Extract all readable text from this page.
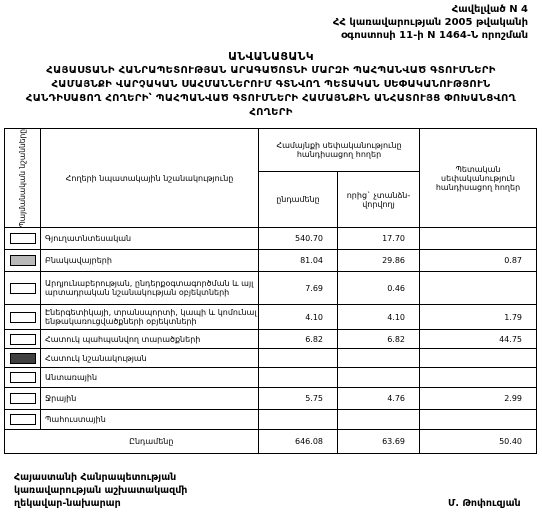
Հավելված N 4
ՀՀ կառավարության 2005 թվականի
օգոստոսի 11-ի N 1464-Ն որոշման
ԱՆՎԱՆԱՑԱՆԿ
ՀԱՅԱՍՏԱՆԻ ՀԱՆՐԱՊԵՏՈՒԹՅԱՆ ԱՐԱԳԱԾՈՏՆԻ ՄԱՐԶԻ ՊԱՀՊԱՆՎԱԾ ԳՏՈՒՄՆԵՐԻ
ՀԱՄԱՅՆՔԻ ՎԱՐՉԱԿԱՆ ՍԱՀՄԱՆՆԵՐՈՒՄ ԳՏՆՎՈՂ ՊԵՏԱԿԱՆ ՍԵՓԱԿԱՆՈՒԹՅՈՒՆ
ՀԱՆԴԻՍԱՑՈՂ ՀՈՂԵՐԻ՝ ՊԱՀՊԱՆՎԱԾ ԳՏՈՒՄՆԵՐԻ ՀԱՄԱՅՆՔԻՆ ԱՆՀԱՏՈՒՅՑ ՓՈԽԱՆՑՎՈՂ
ՀՈՂԵՐԻ
Պայմանական նշանները	Հողերի նպատակային նշանակությունը	Համայնքի սեփականությունը հանդիսացող հողեր		Պետական սեփականություն հանդիսացող հողեր
		ընդամենը	որից` չտանձն-վորվողյ	

	Գյուղատնտեսական	540.70	17.70	

	Բնակավայրերի	81.04	29.86	0.87

	Արդյունաբերության, ընդերքօգտագործման և այլ արտադրական նշանակության օբյեկտների	7.69	0.46	

	Էներգետիկայի, տրանսպորտի, կապի և կոմունալ ենթակառուցվածքների օբյեկտների	4.10	4.10	1.79

	Հատուկ պահպանվող տարածքների	6.82	6.82	44.75

	Հատուկ նշանակության			

	Անտառային			

	Ջրային	5.75	4.76	2.99

	Պահուստային			
	Ընդամենը	646.08	63.69	50.40
Հայաստանի Հանրապետության
կառավարության աշխատակազմի
ղեկավար-նախարար	Մ. Թոփուզյան
